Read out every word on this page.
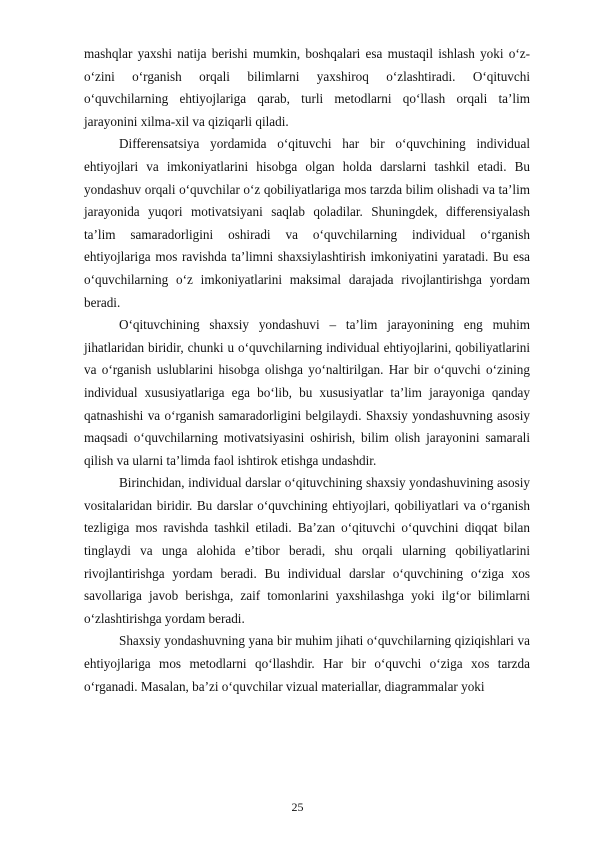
mashqlar yaxshi natija berishi mumkin, boshqalari esa mustaqil ishlash yoki o‘z-o‘zini o‘rganish orqali bilimlarni yaxshiroq o‘zlashtiradi. O‘qituvchi o‘quvchilarning ehtiyojlariga qarab, turli metodlarni qo‘llash orqali ta’lim jarayonini xilma-xil va qiziqarli qiladi.

Differensatsiya yordamida o‘qituvchi har bir o‘quvchining individual ehtiyojlari va imkoniyatlarini hisobga olgan holda darslarni tashkil etadi. Bu yondashuv orqali o‘quvchilar o‘z qobiliyatlariga mos tarzda bilim olishadi va ta’lim jarayonida yuqori motivatsiyani saqlab qoladilar. Shuningdek, differensiyalash ta’lim samaradorligini oshiradi va o‘quvchilarning individual o‘rganish ehtiyojlariga mos ravishda ta’limni shaxsiylashtirish imkoniyatini yaratadi. Bu esa o‘quvchilarning o‘z imkoniyatlarini maksimal darajada rivojlantirishga yordam beradi.

O‘qituvchining shaxsiy yondashuvi – ta’lim jarayonining eng muhim jihatlaridan biridir, chunki u o‘quvchilarning individual ehtiyojlarini, qobiliyatlarini va o‘rganish uslublarini hisobga olishga yo‘naltirilgan. Har bir o‘quvchi o‘zining individual xususiyatlariga ega bo‘lib, bu xususiyatlar ta’lim jarayoniga qanday qatnashishi va o‘rganish samaradorligini belgilaydi. Shaxsiy yondashuvning asosiy maqsadi o‘quvchilarning motivatsiyasini oshirish, bilim olish jarayonini samarali qilish va ularni ta’limda faol ishtirok etishga undashdir.

Birinchidan, individual darslar o‘qituvchining shaxsiy yondashuvining asosiy vositalaridan biridir. Bu darslar o‘quvchining ehtiyojlari, qobiliyatlari va o‘rganish tezligiga mos ravishda tashkil etiladi. Ba’zan o‘qituvchi o‘quvchini diqqat bilan tinglaydi va unga alohida e’tibor beradi, shu orqali ularning qobiliyatlarini rivojlantirishga yordam beradi. Bu individual darslar o‘quvchining o‘ziga xos savollariga javob berishga, zaif tomonlarini yaxshilashga yoki ilg‘or bilimlarni o‘zlashtirishga yordam beradi.

Shaxsiy yondashuvning yana bir muhim jihati o‘quvchilarning qiziqishlari va ehtiyojlariga mos metodlarni qo‘llashdir. Har bir o‘quvchi o‘ziga xos tarzda o‘rganadi. Masalan, ba’zi o‘quvchilar vizual materiallar, diagrammalar yoki

25
